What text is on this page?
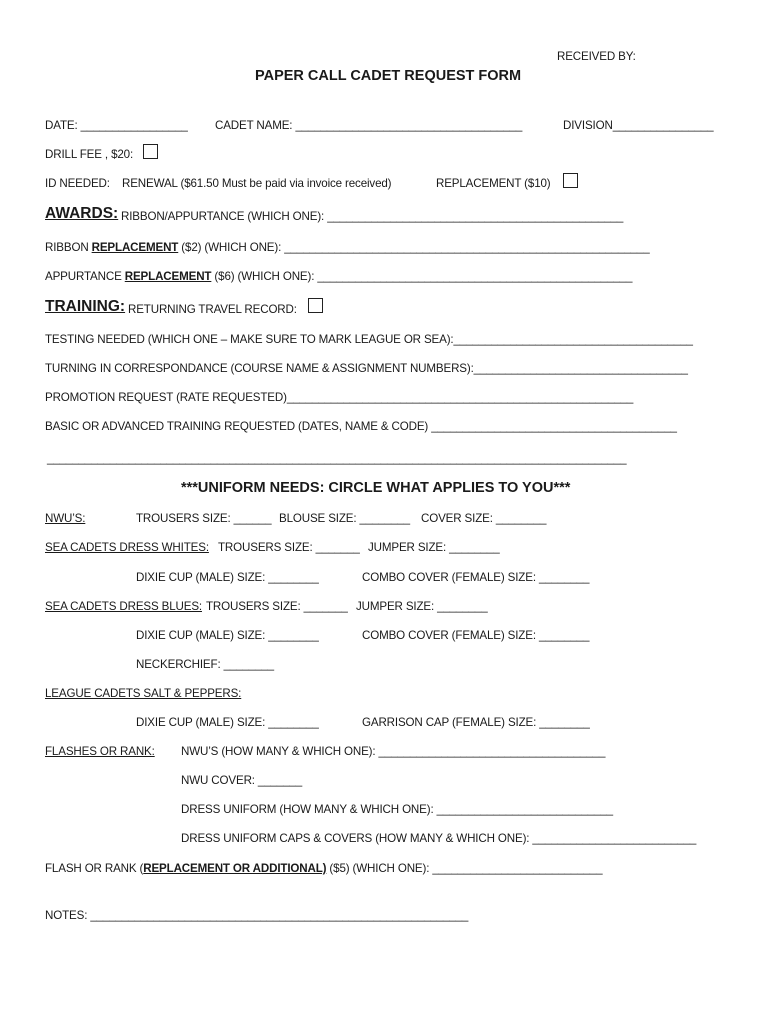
RECEIVED BY:
PAPER CALL CADET REQUEST FORM
DATE: _________________ CADET NAME: ____________________________________	DIVISION________________
DRILL FEE , $20:
ID NEEDED: RENEWAL ($61.50 Must be paid via invoice received)	REPLACEMENT ($10)
AWARDS: RIBBON/APPURTANCE (WHICH ONE): _______________________________________________
RIBBON REPLACEMENT ($2) (WHICH ONE): __________________________________________________________
APPURTANCE REPLACEMENT ($6) (WHICH ONE): __________________________________________________
TRAINING: RETURNING TRAVEL RECORD:
TESTING NEEDED (WHICH ONE – MAKE SURE TO MARK LEAGUE OR SEA):______________________________________
TURNING IN CORRESPONDANCE (COURSE NAME & ASSIGNMENT NUMBERS):__________________________________
PROMOTION REQUEST (RATE REQUESTED)_______________________________________________________
BASIC OR ADVANCED TRAINING REQUESTED (DATES, NAME & CODE) _______________________________________
____________________________________________________________________________________________
***UNIFORM NEEDS: CIRCLE WHAT APPLIES TO YOU***
NWU’S:	TROUSERS SIZE: ______ BLOUSE SIZE: ________ COVER SIZE: ________
SEA CADETS DRESS WHITES: TROUSERS SIZE: _______ JUMPER SIZE: ________
DIXIE CUP (MALE) SIZE: ________	COMBO COVER (FEMALE) SIZE: ________
SEA CADETS DRESS BLUES: TROUSERS SIZE: _______ JUMPER SIZE: ________
DIXIE CUP (MALE) SIZE: ________	COMBO COVER (FEMALE) SIZE: ________
NECKERCHIEF: ________
LEAGUE CADETS SALT & PEPPERS:
DIXIE CUP (MALE) SIZE: ________	GARRISON CAP (FEMALE) SIZE: ________
FLASHES OR RANK: NWU’S (HOW MANY & WHICH ONE): ____________________________________
NWU COVER: _______
DRESS UNIFORM (HOW MANY & WHICH ONE): ____________________________
DRESS UNIFORM CAPS & COVERS (HOW MANY & WHICH ONE): __________________________
FLASH OR RANK (REPLACEMENT OR ADDITIONAL) ($5) (WHICH ONE): ___________________________
NOTES: ____________________________________________________________
